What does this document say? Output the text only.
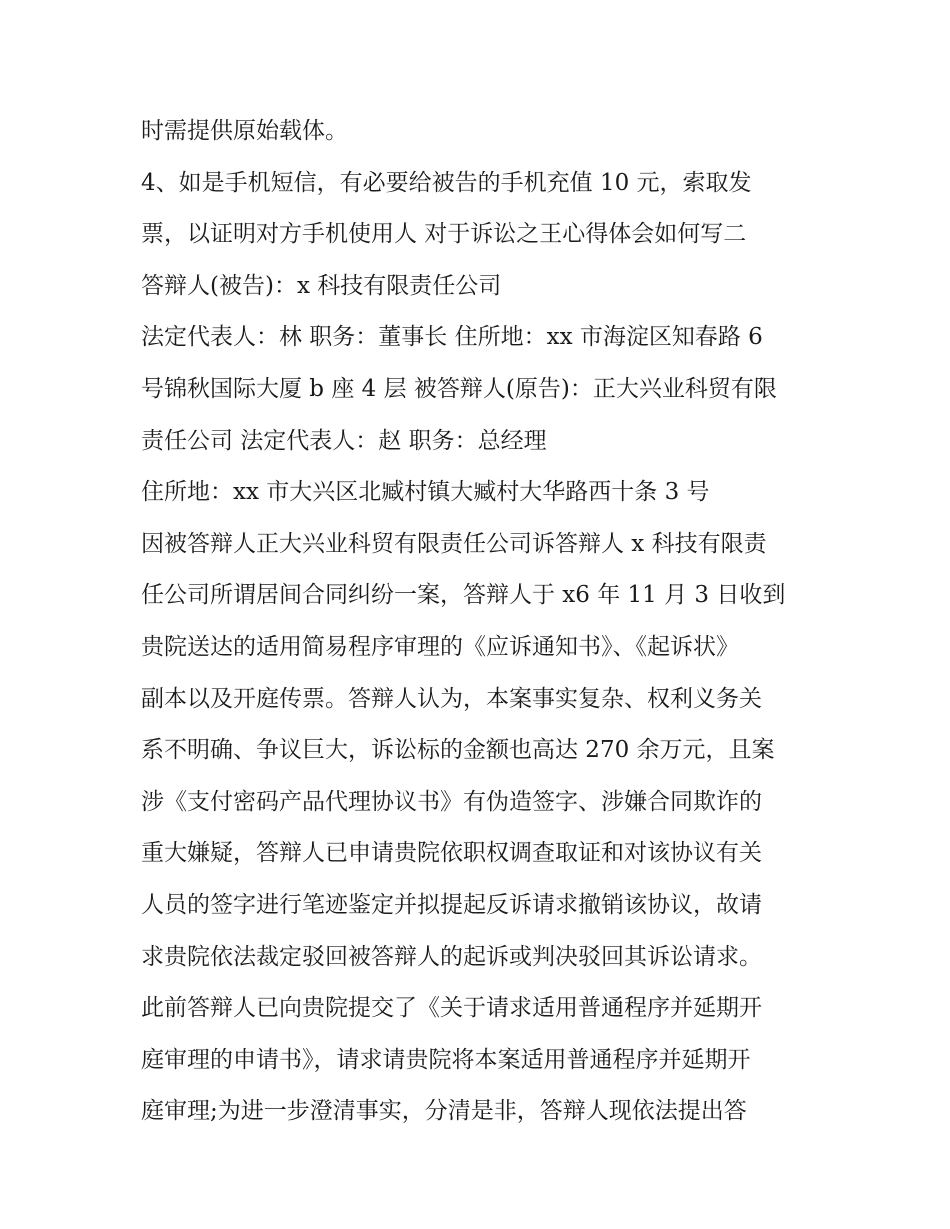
时需提供原始载体。
4、如是手机短信，有必要给被告的手机充值 10 元，索取发
票，以证明对方手机使用人 对于诉讼之王心得体会如何写二
答辩人(被告)：x 科技有限责任公司
法定代表人：林 职务：董事长 住所地：xx 市海淀区知春路 6
号锦秋国际大厦 b 座 4 层 被答辩人(原告)：正大兴业科贸有限
责任公司 法定代表人：赵 职务：总经理
住所地：xx 市大兴区北臧村镇大臧村大华路西十条 3 号
因被答辩人正大兴业科贸有限责任公司诉答辩人 x 科技有限责
任公司所谓居间合同纠纷一案，答辩人于 x6 年 11 月 3 日收到
贵院送达的适用简易程序审理的《应诉通知书》、《起诉状》
副本以及开庭传票。答辩人认为，本案事实复杂、权利义务关
系不明确、争议巨大，诉讼标的金额也高达 270 余万元，且案
涉《支付密码产品代理协议书》有伪造签字、涉嫌合同欺诈的
重大嫌疑，答辩人已申请贵院依职权调查取证和对该协议有关
人员的签字进行笔迹鉴定并拟提起反诉请求撤销该协议，故请
求贵院依法裁定驳回被答辩人的起诉或判决驳回其诉讼请求。
此前答辩人已向贵院提交了《关于请求适用普通程序并延期开
庭审理的申请书》，请求请贵院将本案适用普通程序并延期开
庭审理;为进一步澄清事实，分清是非，答辩人现依法提出答
